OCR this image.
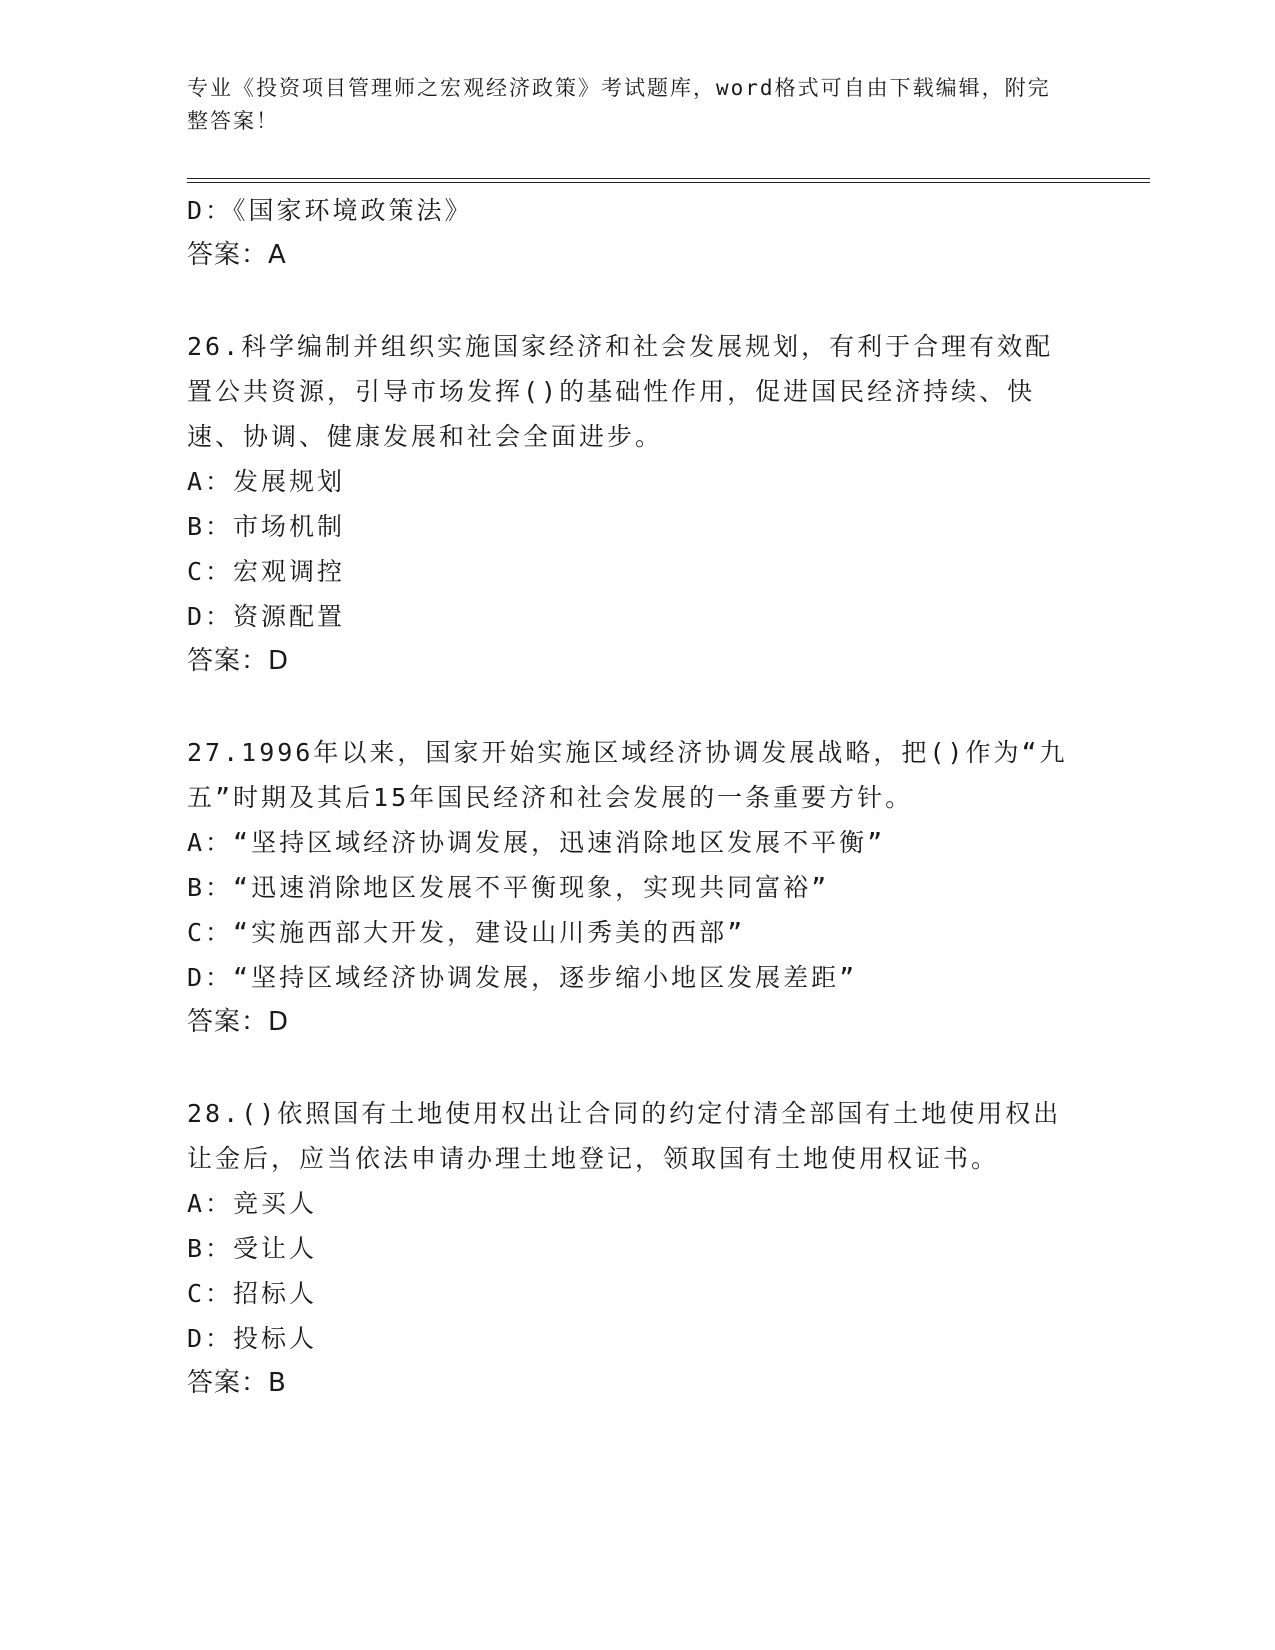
专业《投资项目管理师之宏观经济政策》考试题库，word格式可自由下载编辑，附完整答案！

D：《国家环境政策法》

答案：A

26.科学编制并组织实施国家经济和社会发展规划，有利于合理有效配

置公共资源，引导市场发挥()的基础性作用，促进国民经济持续、快

速、协调、健康发展和社会全面进步。

A：发展规划

B：市场机制

C：宏观调控

D：资源配置

答案：D

27.1996年以来，国家开始实施区域经济协调发展战略，把()作为“九

五”时期及其后15年国民经济和社会发展的一条重要方针。

A：“坚持区域经济协调发展，迅速消除地区发展不平衡”

B：“迅速消除地区发展不平衡现象，实现共同富裕”

C：“实施西部大开发，建设山川秀美的西部”

D：“坚持区域经济协调发展，逐步缩小地区发展差距”

答案：D

28.()依照国有土地使用权出让合同的约定付清全部国有土地使用权出

让金后，应当依法申请办理土地登记，领取国有土地使用权证书。

A：竞买人

B：受让人

C：招标人

D：投标人

答案：B
